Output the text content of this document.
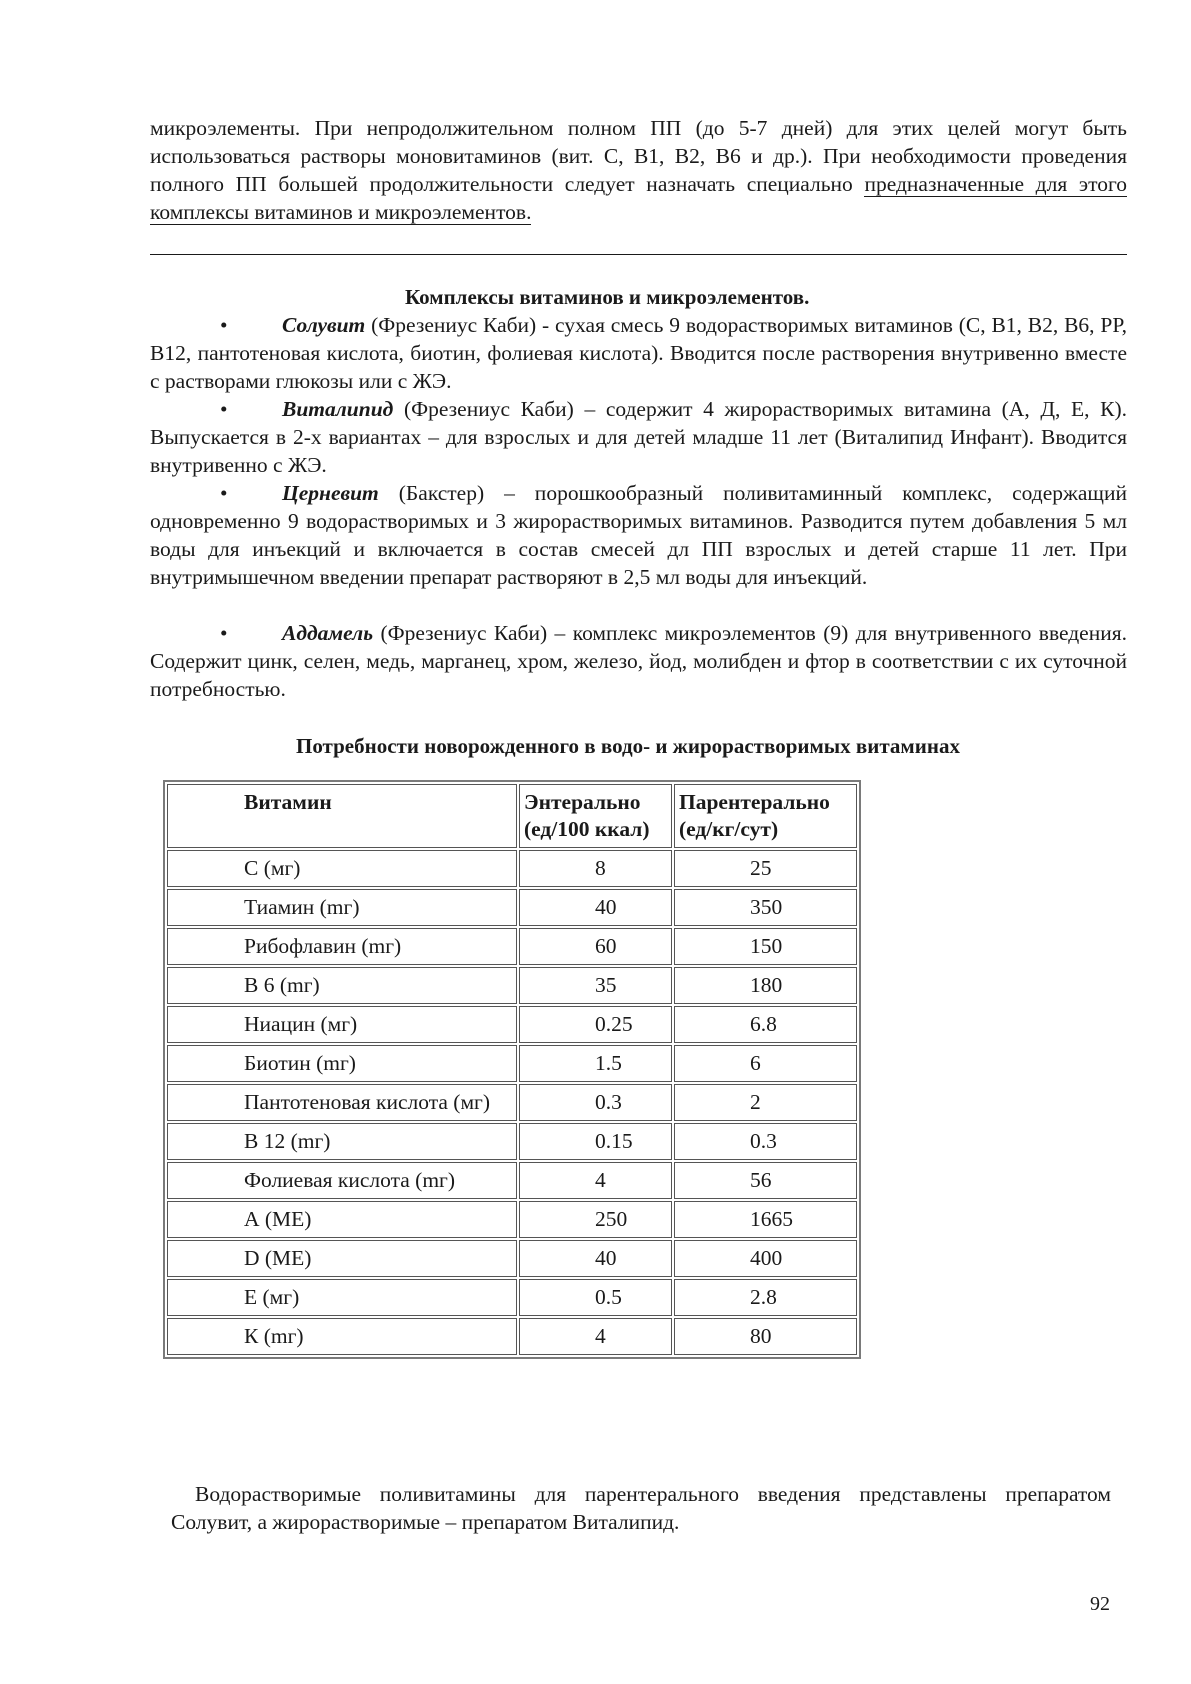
микроэлементы. При непродолжительном полном ПП (до 5-7 дней) для этих целей могут быть использоваться растворы моновитаминов (вит. С, В1, В2, В6 и др.). При необходимости проведения полного ПП большей продолжительности следует назначать специально предназначенные для этого комплексы витаминов и микроэлементов.

Комплексы витаминов и микроэлементов.

•	Солувит (Фрезениус Каби) - сухая смесь 9 водорастворимых витаминов (С, В1, В2, В6, РР, В12, пантотеновая кислота, биотин, фолиевая кислота). Вводится после растворения внутривенно вместе с растворами глюкозы или с ЖЭ.

•	Виталипид (Фрезениус Каби) – содержит 4 жирорастворимых витамина (А, Д, Е, К). Выпускается в 2-х вариантах – для взрослых и для детей младше 11 лет (Виталипид Инфант). Вводится внутривенно с ЖЭ.

•	Церневит (Бакстер) – порошкообразный поливитаминный комплекс, содержащий одновременно 9 водорастворимых и 3 жирорастворимых витаминов. Разводится путем добавления 5 мл воды для инъекций и включается в состав смесей дл ПП взрослых и детей старше 11 лет. При внутримышечном введении препарат растворяют в 2,5 мл воды для инъекций.

•	Аддамель (Фрезениус Каби) – комплекс микроэлементов (9) для внутривенного введения. Содержит цинк, селен, медь, марганец, хром, железо, йод, молибден и фтор в соответствии с их суточной потребностью.

Потребности новорожденного в водо- и жирорастворимых витаминах
Витамин	Энтерально (ед/100 ккал)	Парентерально (ед/кг/сут)
С (мг)	8	25
Тиамин (mг)	40	350
Рибофлавин (mг)	60	150
В 6 (mг)	35	180
Ниацин (мг)	0.25	6.8
Биотин (mг)	1.5	6
Пантотеновая кислота (мг)	0.3	2
В 12 (mг)	0.15	0.3
Фолиевая кислота (mг)	4	56
А (МЕ)	250	1665
D (МЕ)	40	400
Е (мг)	0.5	2.8
К (mг)	4	80

Водорастворимые поливитамины для парентерального введения представлены препаратом Солувит, а жирорастворимые – препаратом Виталипид.

92
